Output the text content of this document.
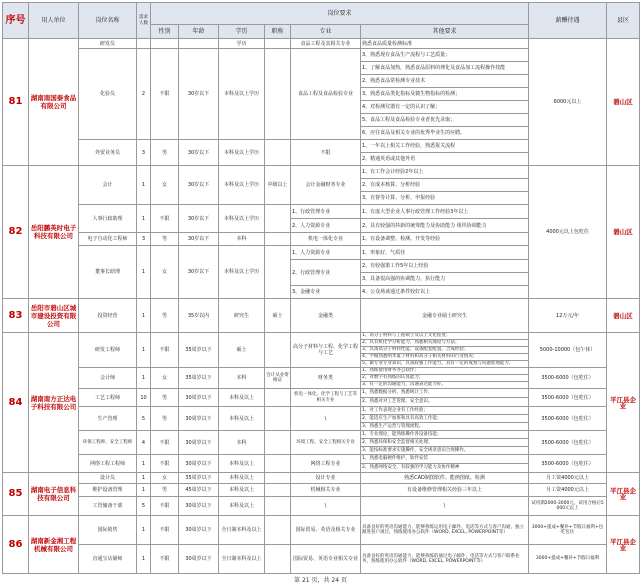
序号	用人单位	岗位名称	需求人数	岗位要求						薪酬待遇	县区
				性别	年龄	学历	职称	专业	其他要求		
81	湖南南国泰食品有限公司	研发员				学历		食品工程及其相关专业	熟悉食品质量检测标准	6000元以上	碧山区
		化验员	2	不限	30岁以下	本科及以上学历		食品工程及食品检验专业	3、熟悉现有食品生产流程与工艺质量；		
									1、了解食品加热，熟悉食品原料的理化及食品加工流程操作技能		
									2、熟悉食品常检测专业技术		
									3、熟悉食品类化指标及微生物指标的检测；		
									4、对检测仪器有一定的认识了解；		
									5、食品工程及食品检验专业者优先录取；		
									6、应往食品及相关专业的优秀毕业生的应聘。		
		外贸业务员	3	男	30岁以下	本科及以上学历		不限	1、一年以上相关工作经验，熟悉报关流程		
									2、精通英语或其他外语		
82	岳阳鹏英时电子科技有限公司	会计	1	女	30岁以下	本科及以上学历	中级以上	会计金融财务专业	1、有工作会计经验2年以上	4000元以上包吃住	碧山区
									2、有成本核算、分析经验		
									3、有督等计算、分析、申报经验		
		人事行政助理	1	不限	30岁以下	本科及以上学历		1、行政管理专业	1、有虚大型企业人事行政管理工作经验3年以上		
								2、人力资源专业	2、具有较强的抖新的统筹能力及协助能力 组织协调能力		
		电子自动化工程师	3	男	30岁以下	本科		机电一体化专业	1、有设备调整、检测、开发等经验		
		董事长助理	1	女	30岁以下	本科及以上学历		1、人力资源专业	1、形象好，气质佳		

								2、行政管理专业	2、有较强策工作5年以上经验		
									3、具备很高强的协调能力，执行能力		
								3、金融专业	4、公众场谈通过条件较好以上		

83	岳阳市碧山区城市建设投资有限公司	投资经营	1	男	35岁以内	研究生	硕士	金融类	金融专业硕士研究生	12万元/年	碧山区
84	湖南南方正达电子科技有限公司	研发工程师	1	不限	35周岁以下	硕士		高分子材料与工程、化学工程与工艺	1、高分子材料与工程硕士及以上文化程度；	5000-10000（包午休）	平江县企业
									2、具有机化学分析能力，熟悉相关理论与方法；		
									3、具备高分子材料性能、设备配套配置、合成经验；		
									4、学做熟悉纳米量子材料和高分子相关材料的行业情况；		
									5、做专业专业知识，具备较强工作能力，具有一定的成熟与问题处理能力。		
		会计师	1	女	35周岁以下	本科	会计从业资格证	财务类	1、熟练使用财务办公软件；	3500-6000（包吃住）	
									2、对数字有熟练的认真能力；		
									3、有一定的沟通能力，沟通表达能力好。		
		工艺工程师	10	男	30周岁以下	本科及以上		机电一体化、化学工程与工艺等相关专业	1、熟悉数据分析、熟悉统计工作；	3500-6000（包吃住）	
									2、熟悉对对工艺管理、安全意识。		
		生产管理	5	男	30周岁以下	本科及以上		\	1、对工作表现企业有工作经验；	3500-6000（包吃住）	
									2、能适应生产加班和具有高效工作能；		
									3、熟悉生产运营与管理流程。		
		环保工程师、安全工程师	4	不限	30周岁以下	本科		环境工程、安全工程相关专业	1、专业理论，能熟练操作各设备技能；	3500-6000（包吃住）	
									2、熟悉环保和安全监督相关处理；		
									3、能按标准要求实施操作，安全规章意识合规操作。		
		网络工程工程师	1	不限	30周岁以下	本科及以上		网络工程专业	1、熟悉电脑硬件维护，软件安装	3500-6000（包吃住）	

									2、熟悉网络安全，有较强的学习能力及协作精神		

85	湖南电子信息科技有限公司	设计员	1	女	35周岁以下	本科及以上		设计专业	熟悉CAD制图软件、能画图纸、检测	月工资4000元以上	平江县企业
		维护设备管理	1	男	45周岁以下	本科及以上		机械相关专业	有设备维修管理相关经验三年以上	月工资4000元以上	
		工管储备干部	5	不限	30周岁以下	本科及以上		\	\	试用期2000-3000元，试用合格后5000元以上	
86	湖南新金湘工程机械有限公司	国际销售	1	不限	30周岁以下	全日制本科及以上		国际贸易、英语及相关专业	具备良好的英语沟通能力、能够熟练运用电子邮件、电话等方式与客户沟通、独立跟进客户项目，熟练使用办公软件（WORD, EXCEL, POWERPOINT等）	3000+提成+餐补+节假日福利+包吃包住	平江县企业
		直通宝店铺师	1	不限	30周岁以下	全日制本科及以上		国际贸易、英语专业相关专业	具备良好的英语沟通能力，能够熟练的通过电子邮件、电话等方式与客户联系业务，熟练使用办公软件（WORD, EXCEL, POWERPOINT等）	3000+提成+餐补+节假日福利	
第 21 页，共 24 页
